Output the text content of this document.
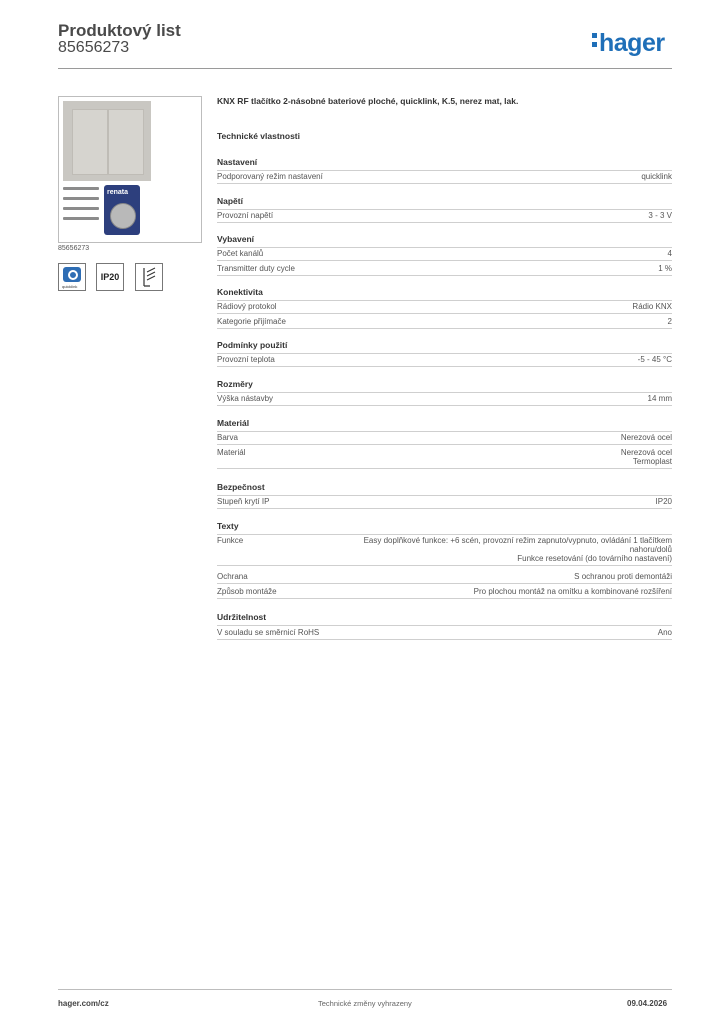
Produktový list
85656273	hager
renata
85656273
quicklink
IP20
KNX RF tlačítko 2-násobné bateriové ploché, quicklink, K.5, nerez mat, lak.
Technické vlastnosti
Nastavení
Podporovaný režim nastavení	quicklink
Napětí
Provozní napětí	3 - 3 V
Vybavení
Počet kanálů	4
Transmitter duty cycle	1 %
Konektivita
Rádiový protokol	Rádio KNX
Kategorie přijímače	2
Podmínky použití
Provozní teplota	-5 - 45 °C
Rozměry
Výška nástavby	14 mm
Materiál
Barva	Nerezová ocel
Materiál	Nerezová ocel
Termoplast
Bezpečnost
Stupeň krytí IP	IP20
Texty
Funkce	Easy doplňkové funkce: +6 scén, provozní režim zapnuto/vypnuto, ovládání 1 tlačítkem nahoru/dolů
Funkce resetování (do továrního nastavení)
Ochrana	S ochranou proti demontáži
Způsob montáže	Pro plochou montáž na omítku a kombinované rozšíření
Udržitelnost
V souladu se směrnicí RoHS	Ano
hager.com/cz	Technické změny vyhrazeny	09.04.2026
